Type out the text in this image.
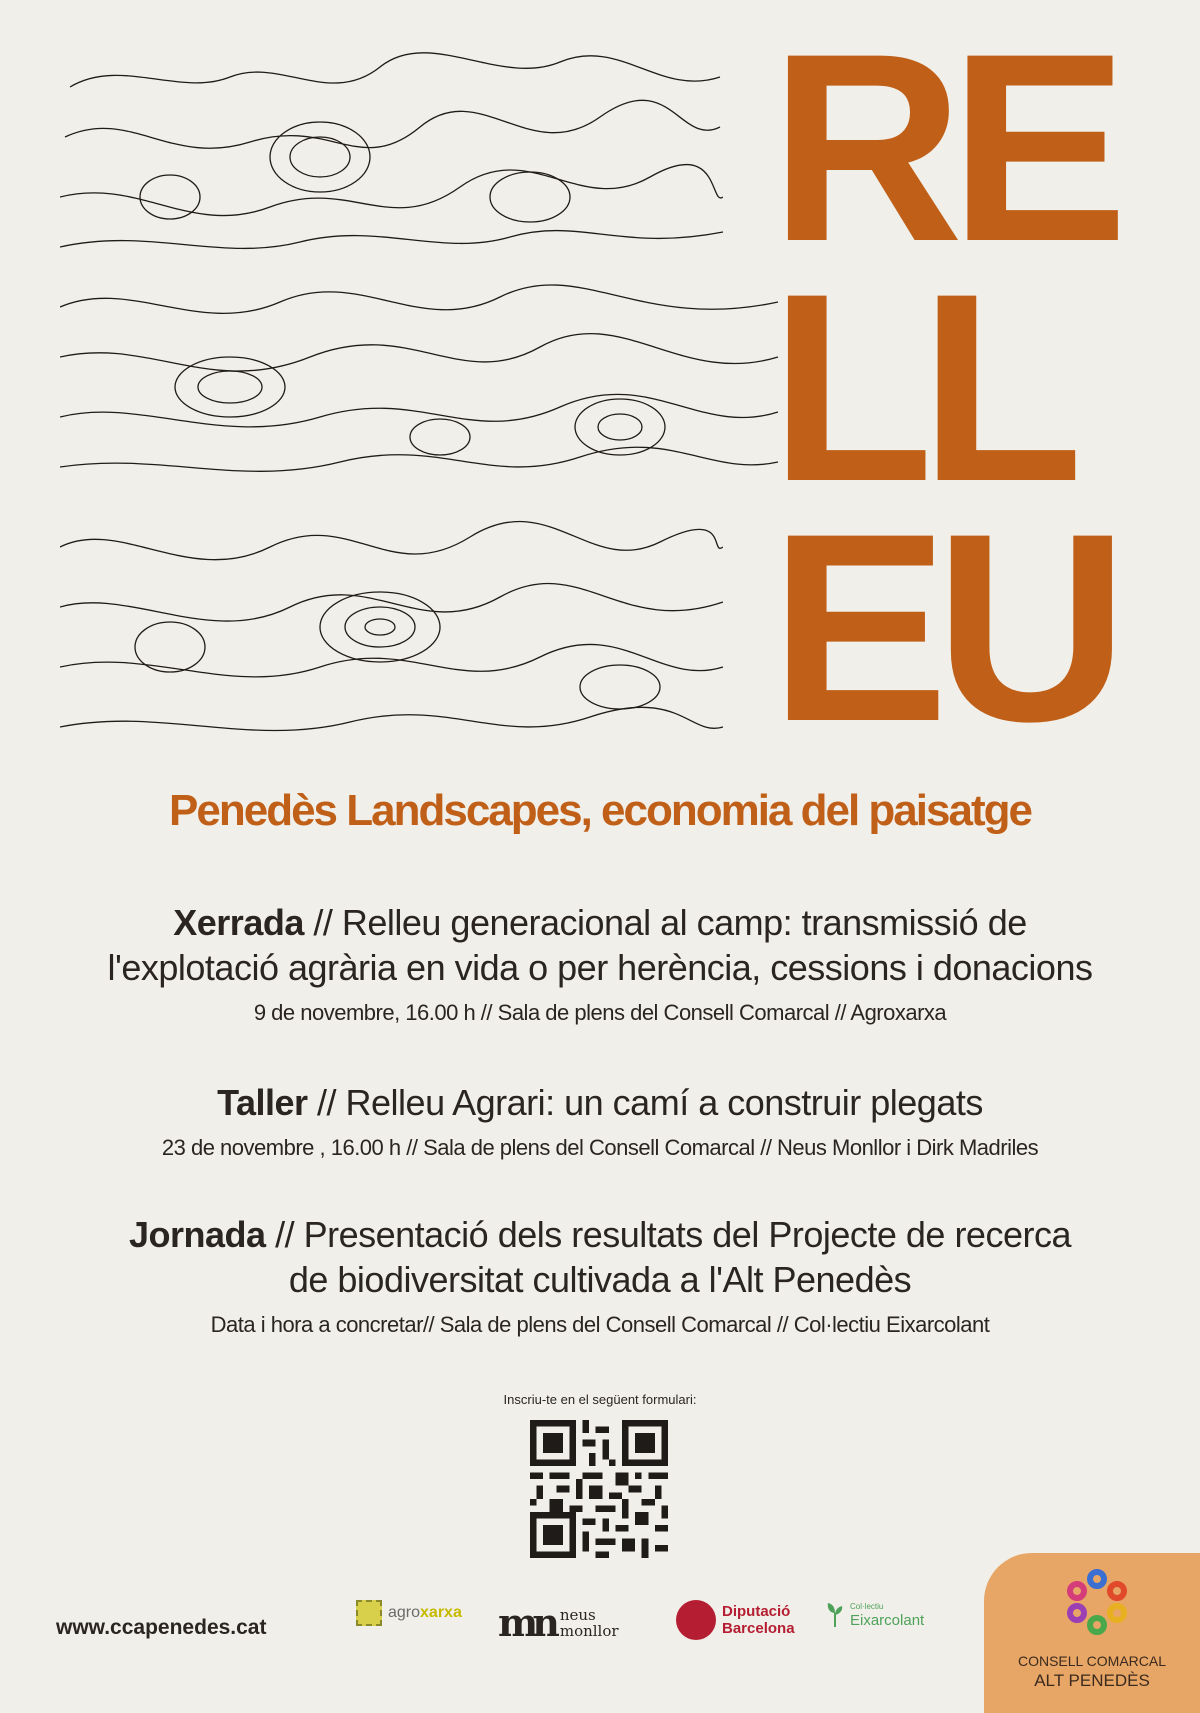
RE
LL
EU
Penedès Landscapes, economia del paisatge
Xerrada // Relleu generacional al camp: transmissió de
l'explotació agrària en vida o per herència, cessions i donacions
9 de novembre, 16.00 h // Sala de plens del Consell Comarcal // Agroxarxa
Taller // Relleu Agrari: un camí a construir plegats
23 de novembre , 16.00 h // Sala de plens del Consell Comarcal // Neus Monllor i Dirk Madriles
Jornada // Presentació dels resultats del Projecte de recerca
de biodiversitat cultivada a l'Alt Penedès
Data i hora a concretar// Sala de plens del Consell Comarcal // Col·lectiu Eixarcolant
Inscriu-te en el següent formulari:
www.ccapenedes.cat
agroxarxa mn neus
monllor
Diputació
Barcelona
Col·lectiu
Eixarcolant
CONSELL COMARCAL
ALT PENEDÈS
